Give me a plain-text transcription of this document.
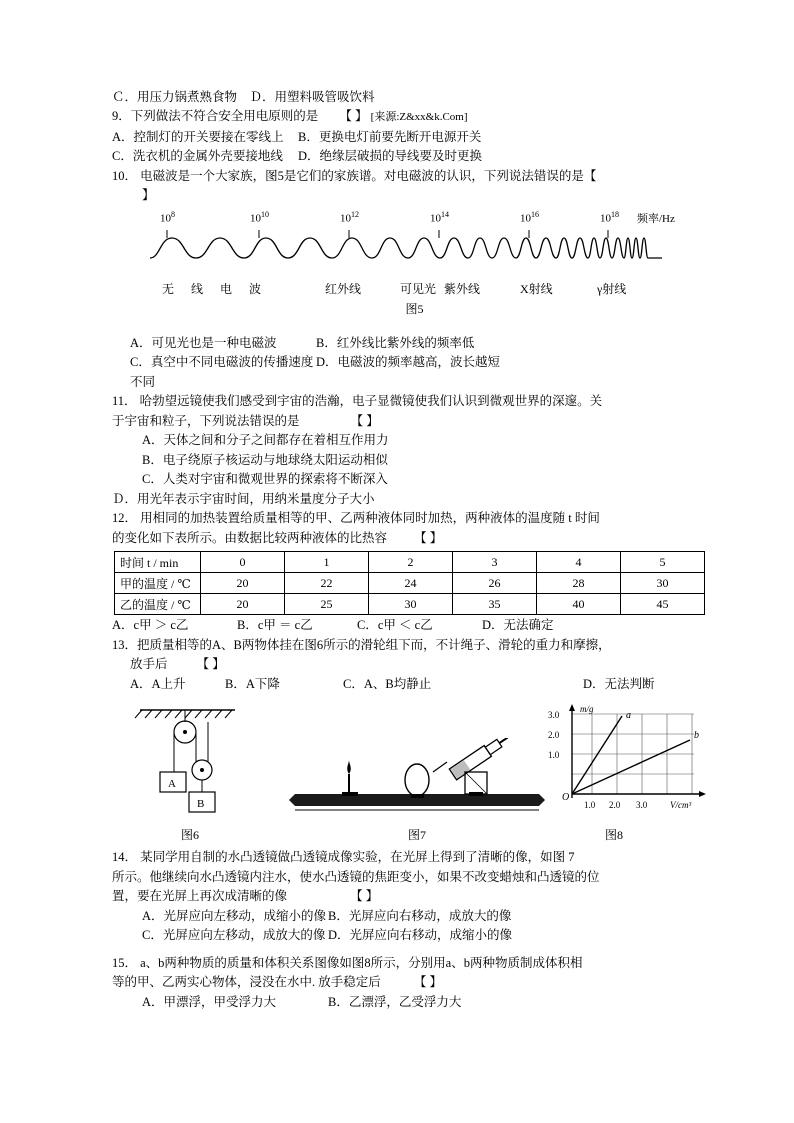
Ｃ．用压力锅煮熟食物    Ｄ．用塑料吸管吸饮料
9．下列做法不符合安全用电原则的是 【 】 [来源:Z&xx&k.Com]
A．控制灯的开关要接在零线上	B．更换电灯前要先断开电源开关
C．洗衣机的金属外壳要接地线	D．绝缘层破损的导线要及时更换
10． 电磁波是一个大家族，图5是它们的家族谱。对电磁波的认识，下列说法错误的是【
】
$10^8$	$10^{10}$	$10^{12}$	$10^{14}$	$10^{16}$	$10^{18}$ 频率/Hz
无 线 电 波	红外线	可见光 紫外线	X射线	γ射线
图5
A．可见光也是一种电磁波	B．红外线比紫外线的频率低
C．真空中不同电磁波的传播速度不同
D．电磁波的频率越高，波长越短
11． 哈勃望远镜使我们感受到宇宙的浩瀚，电子显微镜使我们认识到微观世界的深邃。关
于宇宙和粒子，下列说法错误的是	【 】
A．天体之间和分子之间都存在着相互作用力
B．电子绕原子核运动与地球绕太阳运动相似
C．人类对宇宙和微观世界的探索将不断深入
Ｄ．用光年表示宇宙时间，用纳米量度分子大小
12． 用相同的加热装置给质量相等的甲、乙两种液体同时加热，两种液体的温度随 t 时间
的变化如下表所示。由数据比较两种液体的比热容 【 】
时间 t / min	0	1	2	3	4	5
甲的温度 / ℃	20	22	24	26	28	30
乙的温度 / ℃	20	25	30	35	40	45
A．c甲 ＞ c乙	B．c甲 ＝ c乙	C．c甲 ＜ c乙	D．无法确定
13．把质量相等的A、B两物体挂在图6所示的滑轮组下而，不计绳子、滑轮的重力和摩擦，
放手后 【 】
A．A上升	B．A下降	C．A、B均静止	D．无法判断
A
B
图6	图7
m/g
a
b
V/cm³
O
3.0
2.0
1.0
1.0 2.0 3.0
图8
14． 某同学用自制的水凸透镜做凸透镜成像实验，在光屏上得到了清晰的像，如图 7
所示。他继续向水凸透镜内注水，使水凸透镜的焦距变小，如果不改变蜡烛和凸透镜的位
置，要在光屏上再次成清晰的像	【 】
A．光屏应向左移动，成缩小的像 B．光屏应向右移动，成放大的像
C．光屏应向左移动，成放大的像 D．光屏应向右移动，成缩小的像
15． a、b两种物质的质量和体积关系图像如图8所示，分别用a、b两种物质制成体积相
等的甲、乙两实心物体，浸没在水中. 放手稳定后	【 】
A．甲漂浮，甲受浮力大	B．乙漂浮，乙受浮力大
